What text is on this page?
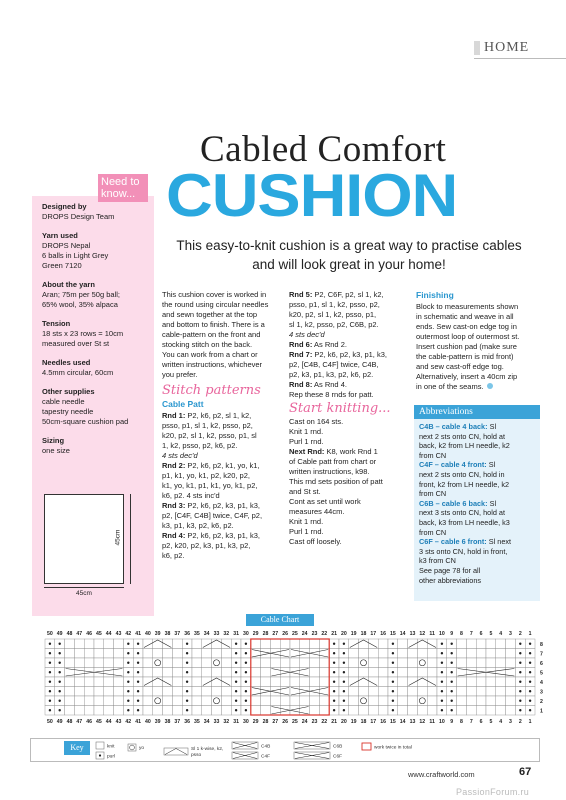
HOME
Cabled Comfort
CUSHION
This easy-to-knit cushion is a great way to practise cables and will look great in your home!
Need to
know...
Designed by
DROPS Design Team
Yarn used
DROPS Nepal
6 balls in Light Grey
Green 7120
About the yarn
Aran; 75m per 50g ball;
65% wool, 35% alpaca
Tension
18 sts x 23 rows = 10cm
measured over St st
Needles used
4.5mm circular, 60cm
Other supplies
cable needle
tapestry needle
50cm-square cushion pad
Sizing
one size
45cm
45cm
This cushion cover is worked in
the round using circular needles
and sewn together at the top
and bottom to finish. There is a
cable-pattern on the front and
stocking stitch on the back.
You can work from a chart or
written instructions, whichever
you prefer.
Stitch patterns
Cable Patt
Rnd 1: P2, k6, p2, sl 1, k2,
psso, p1, sl 1, k2, psso, p2,
k20, p2, sl 1, k2, psso, p1, sl
1, k2, psso, p2, k6, p2.
4 sts dec'd
Rnd 2: P2, k6, p2, k1, yo, k1,
p1, k1, yo, k1, p2, k20, p2,
k1, yo, k1, p1, k1, yo, k1, p2,
k6, p2. 4 sts inc'd
Rnd 3: P2, k6, p2, k3, p1, k3,
p2, [C4F, C4B] twice, C4F, p2,
k3, p1, k3, p2, k6, p2.
Rnd 4: P2, k6, p2, k3, p1, k3,
p2, k20, p2, k3, p1, k3, p2,
k6, p2.
Rnd 5: P2, C6F, p2, sl 1, k2,
psso, p1, sl 1, k2, psso, p2,
k20, p2, sl 1, k2, psso, p1,
sl 1, k2, psso, p2, C6B, p2.
4 sts dec'd
Rnd 6: As Rnd 2.
Rnd 7: P2, k6, p2, k3, p1, k3,
p2, [C4B, C4F] twice, C4B,
p2, k3, p1, k3, p2, k6, p2.
Rnd 8: As Rnd 4.
Rep these 8 rnds for patt.
Start knitting...
Cast on 164 sts.
Knit 1 rnd.
Purl 1 rnd.
Next Rnd: K8, work Rnd 1
of Cable patt from chart or
written instructions, k98.
This rnd sets position of patt
and St st.
Cont as set until work
measures 44cm.
Knit 1 rnd.
Purl 1 rnd.
Cast off loosely.
Finishing
Block to measurements shown
in schematic and weave in all
ends. Sew cast-on edge tog in
outermost loop of outermost st.
Insert cushion pad (make sure
the cable-pattern is mid front)
and sew cast-off edge tog.
Alternatively, insert a 40cm zip
in one of the seams.
Abbreviations
C4B – cable 4 back: Sl
next 2 sts onto CN, hold at
back, k2 from LH needle, k2
from CN
C4F – cable 4 front: Sl
next 2 sts onto CN, hold in
front, k2 from LH needle, k2
from CN
C6B – cable 6 back: Sl
next 3 sts onto CN, hold at
back, k3 from LH needle, k3
from CN
C6F – cable 6 front: Sl next
3 sts onto CN, hold in front,
k3 from CN
See page 78 for all
other abbreviations
Cable Chart
50
50
49
49
48
48
47
47
46
46
45
45
44
44
43
43
42
42
41
41
40
40
39
39
38
38
37
37
36
36
35
35
34
34
33
33
32
32
31
31
30
30
29
29
28
28
27
27
26
26
25
25
24
24
23
23
22
22
21
21
20
20
19
19
18
18
17
17
16
16
15
15
14
14
13
13
12
12
11
11
10
10
9
9
8
8
7
7
6
6
5
5
4
4
3
3
2
2
1
1
8
7
6
5
4
3
2
1
Key	knit
purl
yo	Sl 1 k-wise, k2,
psso
C4B
C4F
C6B
C6F
work twice in total
www.craftworld.com	67
PassionForum.ru
